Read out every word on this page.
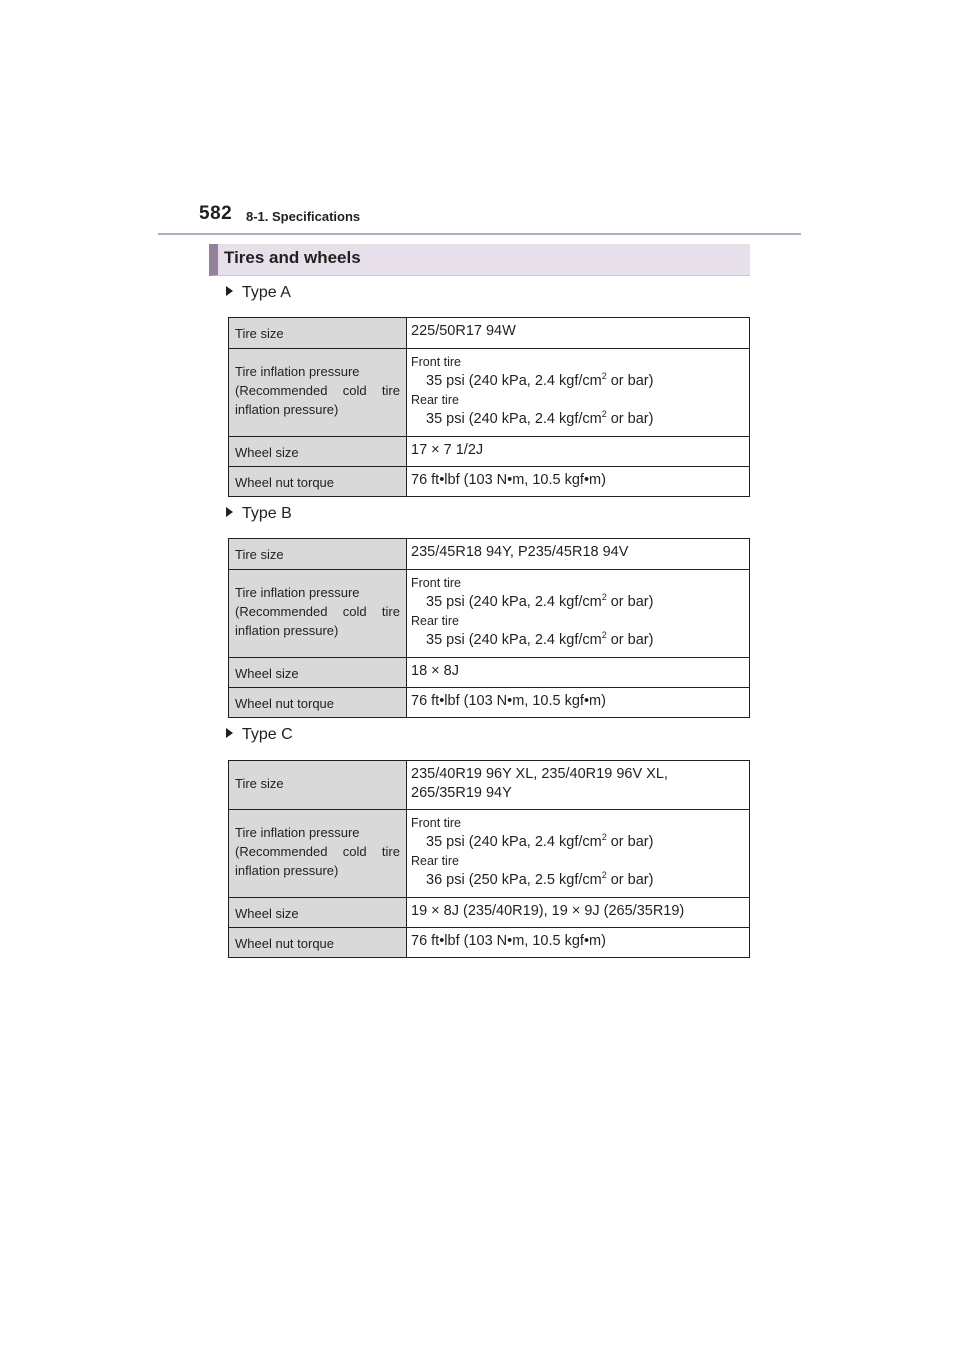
582 8-1. Specifications
Tires and wheels
Type A
Tire size	225/50R17 94W
Tire inflation pressure

(Recommended cold tire
inflation pressure)	Front tire
35 psi (240 kPa, 2.4 kgf/$cm^2$ or bar)
Rear tire
35 psi (240 kPa, 2.4 kgf/$cm^2$ or bar)

Wheel size	17 × 7 1/2J
Wheel nut torque	76 ft•lbf (103 N•m, 10.5 kgf•m)
Type B
Tire size	235/45R18 94Y, P235/45R18 94V
Tire inflation pressure

(Recommended cold tire
inflation pressure)	Front tire
35 psi (240 kPa, 2.4 kgf/$cm^2$ or bar)
Rear tire
35 psi (240 kPa, 2.4 kgf/$cm^2$ or bar)

Wheel size	18 × 8J
Wheel nut torque	76 ft•lbf (103 N•m, 10.5 kgf•m)
Type C
Tire size	235/40R19 96Y XL, 235/40R19 96V XL,
265/35R19 94Y
Tire inflation pressure

(Recommended cold tire
inflation pressure)	Front tire
35 psi (240 kPa, 2.4 kgf/$cm^2$ or bar)
Rear tire
36 psi (250 kPa, 2.5 kgf/$cm^2$ or bar)

Wheel size	19 × 8J (235/40R19), 19 × 9J (265/35R19)
Wheel nut torque	76 ft•lbf (103 N•m, 10.5 kgf•m)
